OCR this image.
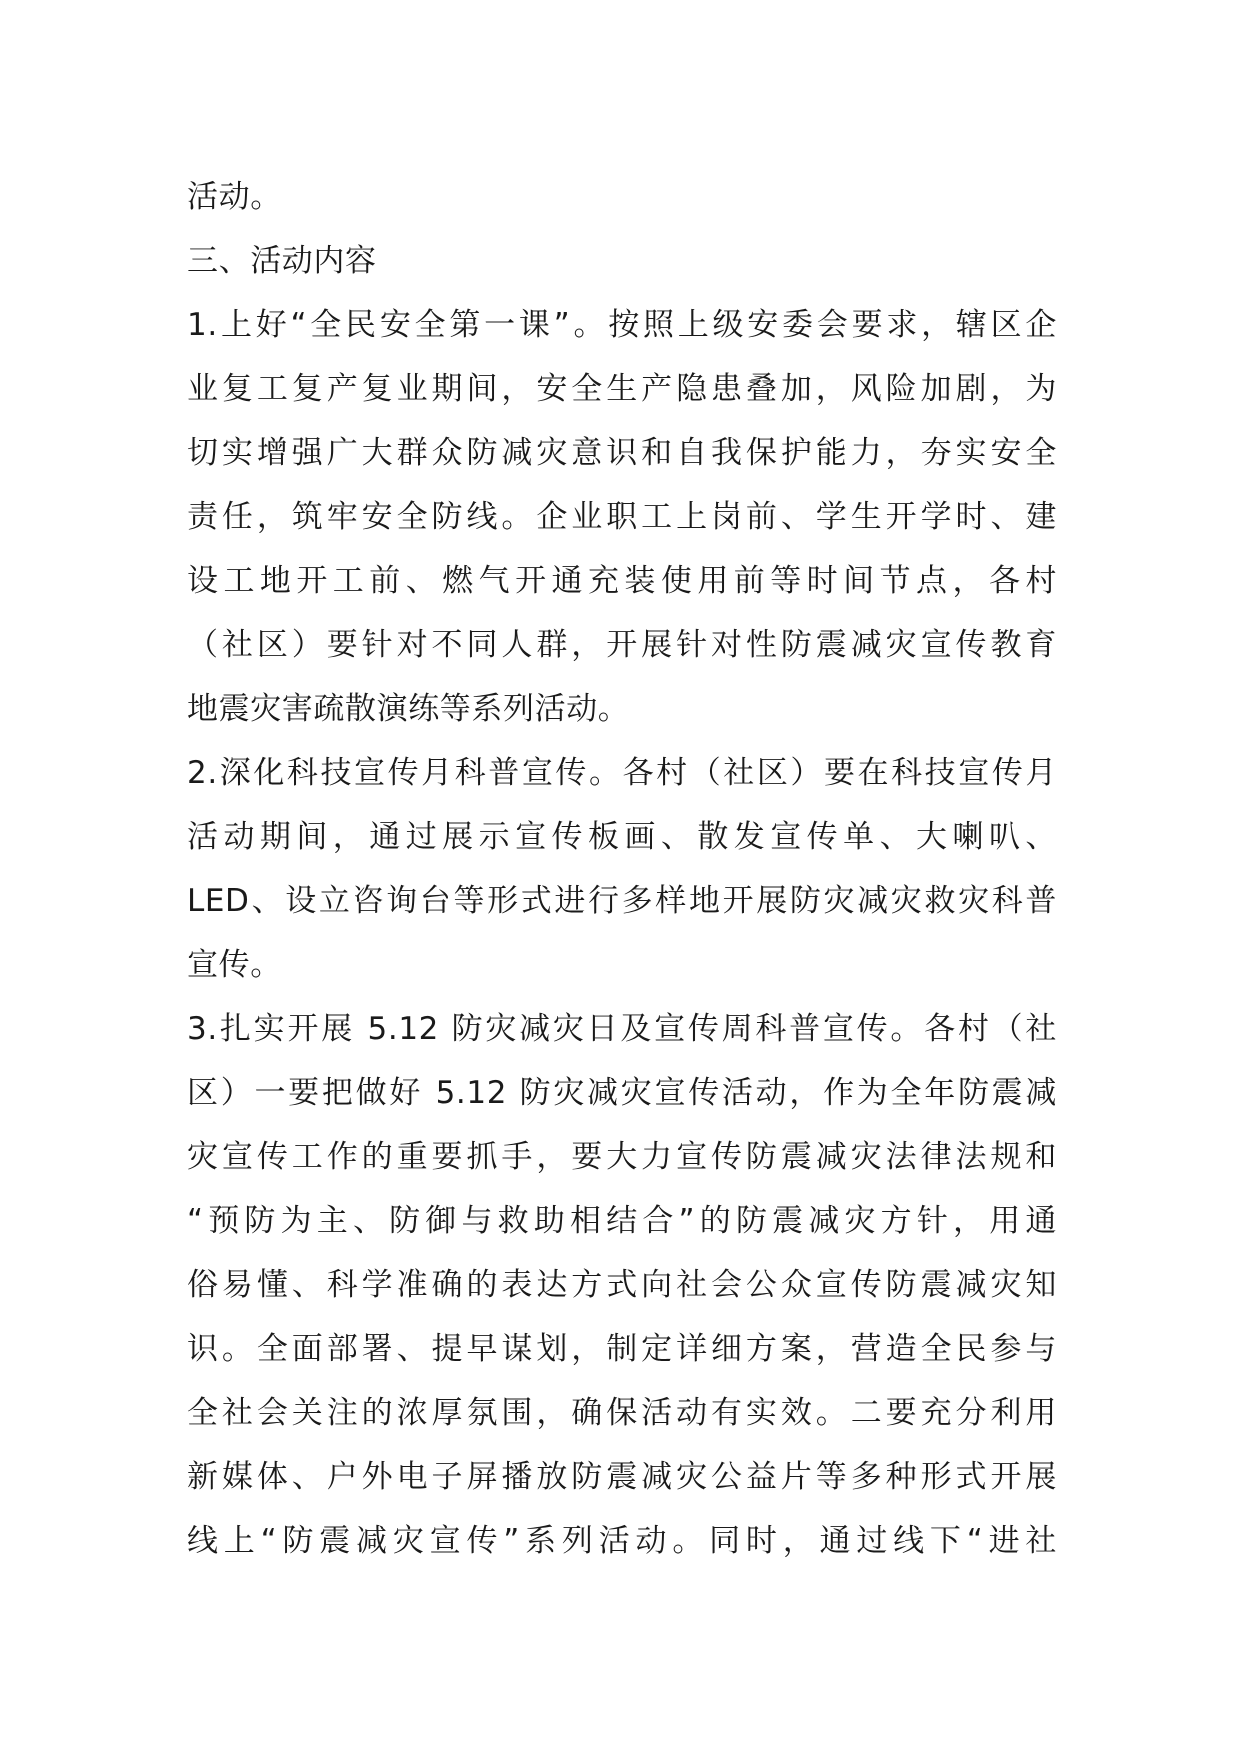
活动。
三、活动内容
1.上好“全民安全第一课”。按照上级安委会要求，辖区企
业复工复产复业期间，安全生产隐患叠加，风险加剧，为
切实增强广大群众防减灾意识和自我保护能力，夯实安全
责任，筑牢安全防线。企业职工上岗前、学生开学时、建
设工地开工前、燃气开通充装使用前等时间节点，各村
（社区）要针对不同人群，开展针对性防震减灾宣传教育
地震灾害疏散演练等系列活动。
2.深化科技宣传月科普宣传。各村（社区）要在科技宣传月
活动期间，通过展示宣传板画、散发宣传单、大喇叭、
LED、设立咨询台等形式进行多样地开展防灾减灾救灾科普
宣传。
3.扎实开展 5.12 防灾减灾日及宣传周科普宣传。各村（社
区）一要把做好 5.12 防灾减灾宣传活动，作为全年防震减
灾宣传工作的重要抓手，要大力宣传防震减灾法律法规和
“预防为主、防御与救助相结合”的防震减灾方针，用通
俗易懂、科学准确的表达方式向社会公众宣传防震减灾知
识。全面部署、提早谋划，制定详细方案，营造全民参与
全社会关注的浓厚氛围，确保活动有实效。二要充分利用
新媒体、户外电子屏播放防震减灾公益片等多种形式开展
线上“防震减灾宣传”系列活动。同时，通过线下“进社
